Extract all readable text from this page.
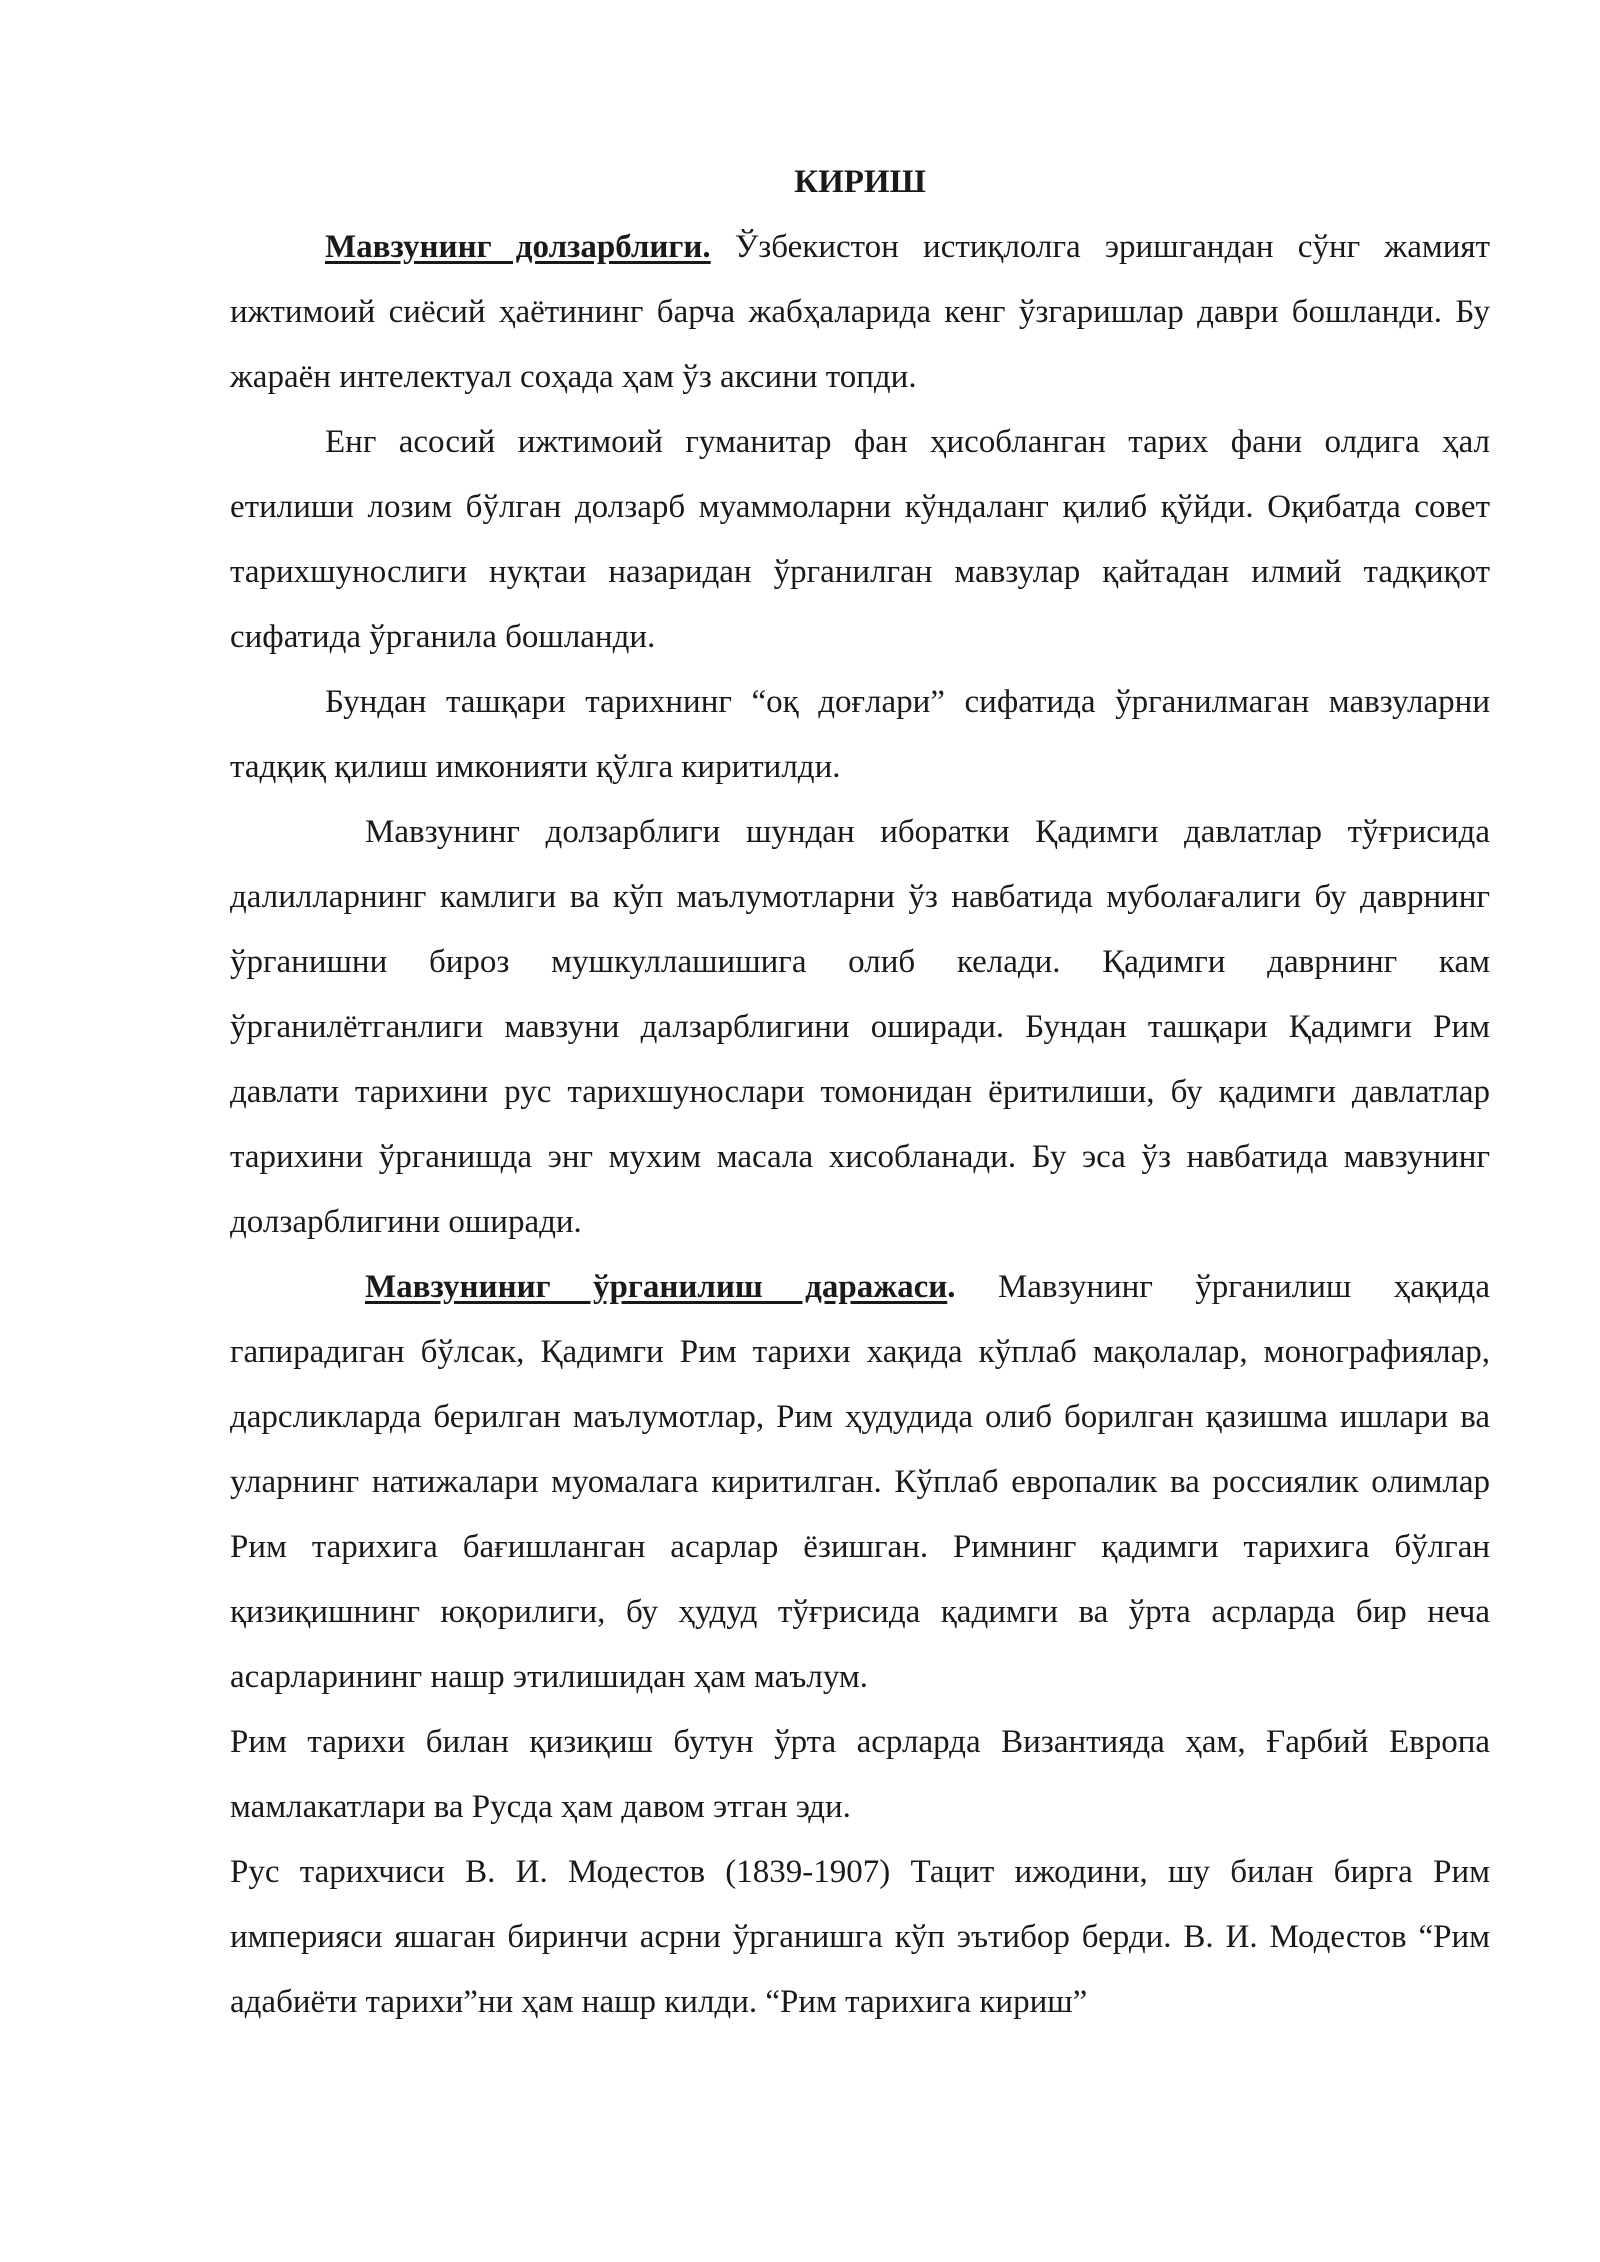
КИРИШ

Мавзунинг долзарблиги. Ўзбекистон истиқлолга эришгандан сўнг жамият ижтимоий сиёсий ҳаётининг барча жабҳаларида кенг ўзгаришлар даври бошланди. Бу жараён интелектуал соҳада ҳам ўз аксини топди.

Енг асосий ижтимоий гуманитар фан ҳисобланган тарих фани олдига ҳал етилиши лозим бўлган долзарб муаммоларни кўндаланг қилиб қўйди. Оқибатда совет тарихшунослиги нуқтаи назаридан ўрганилган мавзулар қайтадан илмий тадқиқот сифатида ўрганила бошланди.

Бундан ташқари тарихнинг “оқ доғлари” сифатида ўрганилмаган мавзуларни тадқиқ қилиш имконияти қўлга киритилди.

Мавзунинг долзарблиги шундан иборатки Қадимги давлатлар тўғрисида далилларнинг камлиги ва кўп маълумотларни ўз навбатида муболағалиги бу даврнинг ўрганишни бироз мушкуллашишига олиб келади. Қадимги даврнинг кам ўрганилётганлиги мавзуни далзарблигини оширади. Бундан ташқари Қадимги Рим давлати тарихини рус тарихшунослари томонидан ёритилиши, бу қадимги давлатлар тарихини ўрганишда энг мухим масала хисобланади. Бу эса ўз навбатида мавзунинг долзарблигини оширади.

Мавзуниниг ўрганилиш даражаси. Мавзунинг ўрганилиш ҳақида гапирадиган бўлсак, Қадимги Рим тарихи хақида кўплаб мақолалар, монографиялар, дарсликларда берилган маълумотлар, Рим ҳудудида олиб борилган қазишма ишлари ва уларнинг натижалари муомалага киритилган. Кўплаб европалик ва россиялик олимлар Рим тарихига бағишланган асарлар ёзишган. Римнинг қадимги тарихига бўлган қизиқишнинг юқорилиги, бу ҳудуд тўғрисида қадимги ва ўрта асрларда бир неча асарларининг нашр этилишидан ҳам маълум.

Рим тарихи билан қизиқиш бутун ўрта асрларда Византияда ҳам, Ғарбий Европа мамлакатлари ва Русда ҳам давом этган эди.

Рус тарихчиси В. И. Модестов (1839-1907) Тацит ижодини, шу билан бирга Рим империяси яшаган биринчи асрни ўрганишга кўп эътибор берди. В. И. Модестов “Рим адабиёти тарихи”ни ҳам нашр килди. “Рим тарихига кириш”
